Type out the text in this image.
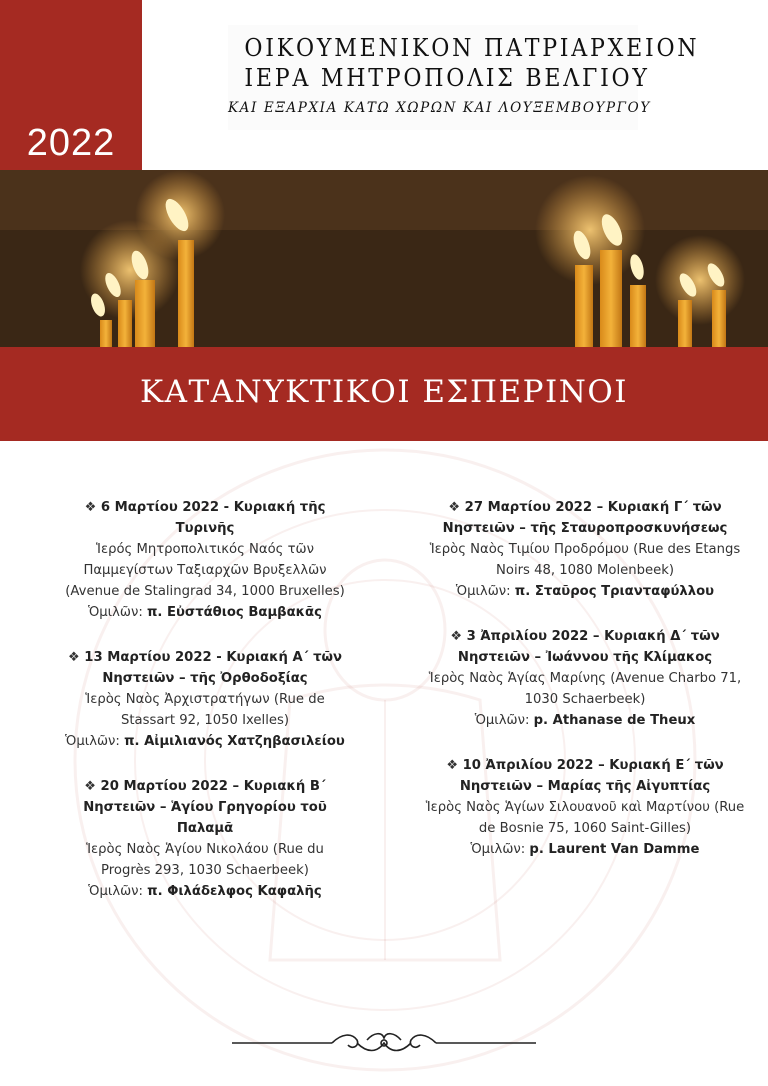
2022
ΟΙΚΟΥΜΕΝΙΚΟΝ ΠΑΤΡΙΑΡΧΕΙΟΝ
ΙΕΡΑ ΜΗΤΡΟΠΟΛΙΣ ΒΕΛΓΙΟΥ
ΚΑΙ ΕΞΑΡΧΙΑ ΚΑΤΩ ΧΩΡΩΝ ΚΑΙ ΛΟΥΞΕΜΒΟΥΡΓΟΥ
ΚΑΤΑΝΥΚΤΙΚΟΙ ΕΣΠΕΡΙΝΟΙ
❖ 6 Μαρτίου 2022 - Κυριακή τῆς Τυρινῆς
Ἱερός Μητροπολιτικός Ναός τῶν Παμμεγίστων Ταξιαρχῶν Βρυξελλῶν (Avenue de Stalingrad 34, 1000 Bruxelles)
Ὁμιλῶν: π. Εὐστάθιος Βαμβακᾶς
❖ 13 Μαρτίου 2022 - Κυριακή Α΄ τῶν Νηστειῶν – τῆς Ὀρθοδοξίας
Ἱερὸς Ναὸς Ἀρχιστρατήγων (Rue de Stassart 92, 1050 Ixelles)
Ὁμιλῶν: π. Αἰμιλιανός Χατζηβασιλείου
❖ 20 Μαρτίου 2022 – Κυριακή Β΄ Νηστειῶν – Ἁγίου Γρηγορίου τοῦ Παλαμᾶ
Ἱερὸς Ναὸς Ἁγίου Νικολάου (Rue du Progrès 293, 1030 Schaerbeek)
Ὁμιλῶν: π. Φιλάδελφος Καφαλῆς
❖ 27 Μαρτίου 2022 – Κυριακή Γ΄ τῶν Νηστειῶν – τῆς Σταυροπροσκυνήσεως
Ἱερὸς Ναὸς Τιμίου Προδρόμου (Rue des Etangs Noirs 48, 1080 Molenbeek)
Ὁμιλῶν: π. Σταῦρος Τριανταφύλλου
❖ 3 Ἀπριλίου 2022 – Κυριακή Δ΄ τῶν Νηστειῶν – Ἰωάννου τῆς Κλίμακος
Ἱερὸς Ναὸς Ἁγίας Μαρίνης (Avenue Charbo 71, 1030 Schaerbeek)
Ὁμιλῶν: p. Athanase de Theux
❖ 10 Ἀπριλίου 2022 – Κυριακή Ε΄ τῶν Νηστειῶν – Μαρίας τῆς Αἰγυπτίας
Ἱερὸς Ναὸς Ἁγίων Σιλουανοῦ καὶ Μαρτίνου (Rue de Bosnie 75, 1060 Saint-Gilles)
Ὁμιλῶν: p. Laurent Van Damme
